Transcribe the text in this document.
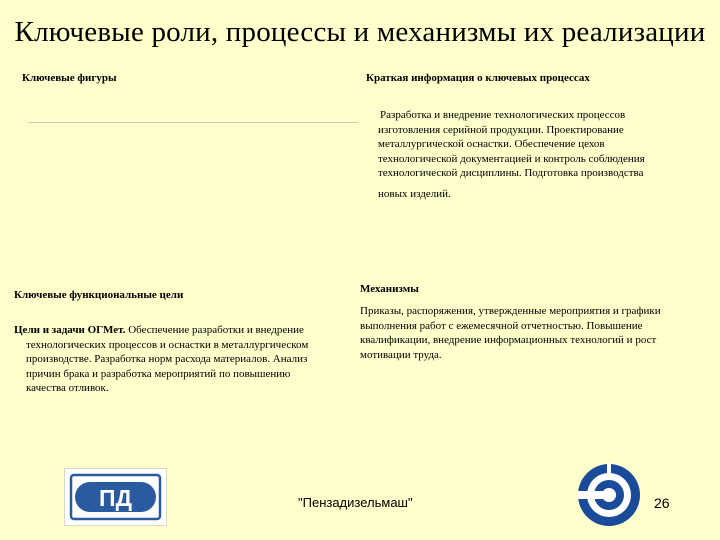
Ключевые роли, процессы и механизмы их реализации
Ключевые фигуры	Краткая информация о ключевых процессах
Разработка и внедрение технологических процессов
изготовления серийной продукции. Проектирование
металлургической оснастки. Обеспечение цехов
технологической документацией и контроль соблюдения
технологической дисциплины. Подготовка производства
новых изделий.
Ключевые функциональные цели
Цели и задачи ОГМет. Обеспечение разработки и внедрение
технологических процессов и оснастки в металлургическом
производстве. Разработка норм расхода материалов. Анализ
причин брака и разработка мероприятий по повышению
качества отливок.
Механизмы
Приказы, распоряжения, утвержденные мероприятия и графики
выполнения работ с ежемесячной отчетностью. Повышение
квалификации, внедрение информационных технологий и рост
мотивации труда.
ПД	"Пензадизельмаш"	26
